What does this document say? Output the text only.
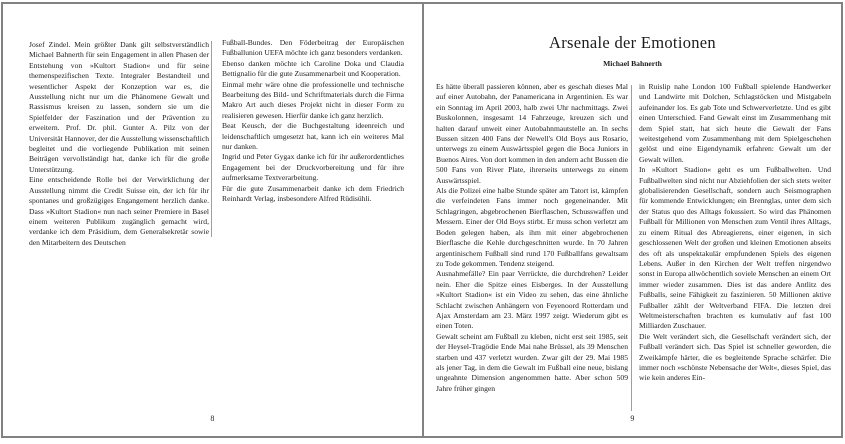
Josef Zindel. Mein größter Dank gilt selbstverständlich Michael Bahnerth für sein Engagement in allen Phasen der Entstehung von »Kultort Stadion« und für seine themenspezifischen Texte. Integraler Bestandteil und wesentlicher Aspekt der Konzeption war es, die Ausstellung nicht nur um die Phänomene Gewalt und Rassismus kreisen zu lassen, sondern sie um die Spielfelder der Faszination und der Prävention zu erweitern. Prof. Dr. phil. Gunter A. Pilz von der Universität Hannover, der die Ausstellung wissenschaftlich begleitet und die vorliegende Publikation mit seinen Beiträgen vervollständigt hat, danke ich für die große Unterstützung.

Eine entscheidende Rolle bei der Verwirklichung der Ausstellung nimmt die Credit Suisse ein, der ich für ihr spontanes und großzügiges Engangement herzlich danke. Dass »Kultort Stadion« nun nach seiner Premiere in Basel einem weiteren Publikum zugänglich gemacht wird, verdanke ich dem Präsidium, dem Generalsekretär sowie den Mitarbeitern des Deutschen

Fußball-Bundes. Den Föderbeitrag der Europäischen Fußballunion UEFA möchte ich ganz besonders verdanken.

Ebenso danken möchte ich Caroline Doka und Claudia Bettignalio für die gute Zusammenarbeit und Kooperation.

Einmal mehr wäre ohne die professionelle und technische Bearbeitung des Bild- und Schriftmaterials durch die Firma Makro Art auch dieses Projekt nicht in dieser Form zu realisieren gewesen. Hierfür danke ich ganz herzlich.

Beat Keusch, der die Buchgestaltung ideenreich und leidenschaftlich umgesetzt hat, kann ich ein weiteres Mal nur danken.

Ingrid und Peter Gygax danke ich für ihr außerordentliches Engagement bei der Druckvorbereitung und für ihre aufmerksame Textverarbeitung.

Für die gute Zusammenarbeit danke ich dem Friedrich Reinhardt Verlag, insbesondere Alfred Rüdisühli.

8
Arsenale der Emotionen
Michael Bahnerth

Es hätte überall passieren können, aber es geschah dieses Mal auf einer Autobahn, der Panamericana in Argentinien. Es war ein Sonntag im April 2003, halb zwei Uhr nachmittags. Zwei Buskolonnen, insgesamt 14 Fahrzeuge, kreuzen sich und halten darauf unweit einer Autobahnmautstelle an. In sechs Bussen sitzen 400 Fans der Newell's Old Boys aus Rosario, unterwegs zu einem Auswärtsspiel gegen die Boca Juniors in Buenos Aires. Von dort kommen in den andern acht Bussen die 500 Fans von River Plate, ihrerseits unterwegs zu einem Auswärtsspiel.

Als die Polizei eine halbe Stunde später am Tatort ist, kämpfen die verfeindeten Fans immer noch gegeneinander. Mit Schlagringen, abgebrochenen Bierflaschen, Schusswaffen und Messern. Einer der Old Boys stirbt. Er muss schon verletzt am Boden gelegen haben, als ihm mit einer abgebrochenen Bierflasche die Kehle durchgeschnitten wurde. In 70 Jahren argentinischem Fußball sind rund 170 Fußballfans gewaltsam zu Tode gekommen. Tendenz steigend.

Ausnahmefälle? Ein paar Verrückte, die durchdrehen? Leider nein. Eher die Spitze eines Eisberges. In der Ausstellung »Kultort Stadion« ist ein Video zu sehen, das eine ähnliche Schlacht zwischen Anhängern von Feyenoord Rotterdam und Ajax Amsterdam am 23. März 1997 zeigt. Wiederum gibt es einen Toten.

Gewalt scheint am Fußball zu kleben, nicht erst seit 1985, seit der Heysel-Tragödie Ende Mai nahe Brüssel, als 39 Menschen starben und 437 verletzt wurden. Zwar gilt der 29. Mai 1985 als jener Tag, in dem die Gewalt im Fußball eine neue, bislang ungeahnte Dimension angenommen hatte. Aber schon 509 Jahre früher gingen

in Ruislip nahe London 100 Fußball spielende Handwerker und Landwirte mit Dolchen, Schlagstöcken und Mistgabeln aufeinander los. Es gab Tote und Schwerverletzte. Und es gibt einen Unterschied. Fand Gewalt einst im Zusammenhang mit dem Spiel statt, hat sich heute die Gewalt der Fans weitestgehend vom Zusammenhang mit dem Spielgeschehen gelöst und eine Eigendynamik erfahren: Gewalt um der Gewalt willen.

In »Kultort Stadion« geht es um Fußballwelten. Und Fußballwelten sind nicht nur Abziehfolien der sich stets weiter globalisierenden Gesellschaft, sondern auch Seismographen für kommende Entwicklungen; ein Brennglas, unter dem sich der Status quo des Alltags fokussiert. So wird das Phänomen Fußball für Millionen von Menschen zum Ventil ihres Alltags, zu einem Ritual des Abreagierens, einer eigenen, in sich geschlossenen Welt der großen und kleinen Emotionen abseits des oft als unspektakulär empfundenen Spiels des eigenen Lebens. Außer in den Kirchen der Welt treffen nirgendwo sonst in Europa allwöchentlich soviele Menschen an einem Ort immer wieder zusammen. Dies ist das andere Antlitz des Fußballs, seine Fähigkeit zu faszinieren. 50 Millionen aktive Fußballer zählt der Weltverband FIFA. Die letzten drei Weltmeisterschaften brachten es kumulativ auf fast 100 Milliarden Zuschauer.

Die Welt verändert sich, die Gesellschaft verändert sich, der Fußball verändert sich. Das Spiel ist schneller geworden, die Zweikämpfe härter, die es begleitende Sprache schärfer. Die immer noch »schönste Nebensache der Welt«, dieses Spiel, das wie kein anderes Ein-

9
